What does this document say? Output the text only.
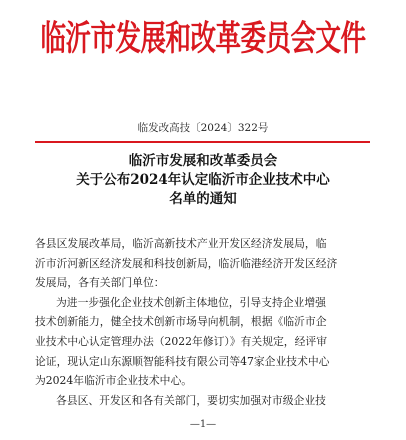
临沂市发展和改革委员会文件
临发改高技〔2024〕322号
临沂市发展和改革委员会
关于公布2024年认定临沂市企业技术中心
名单的通知
各县区发展改革局，临沂高新技术产业开发区经济发展局，临
沂市沂河新区经济发展和科技创新局，临沂临港经济开发区经济
发展局，各有关部门单位：
为进一步强化企业技术创新主体地位，引导支持企业增强
技术创新能力，健全技术创新市场导向机制，根据《临沂市企
业技术中心认定管理办法（2022年修订）》有关规定，经评审
论证，现认定山东源顺智能科技有限公司等47家企业技术中心
为2024年临沂市企业技术中心。
各县区、开发区和各有关部门，要切实加强对市级企业技
—1—
